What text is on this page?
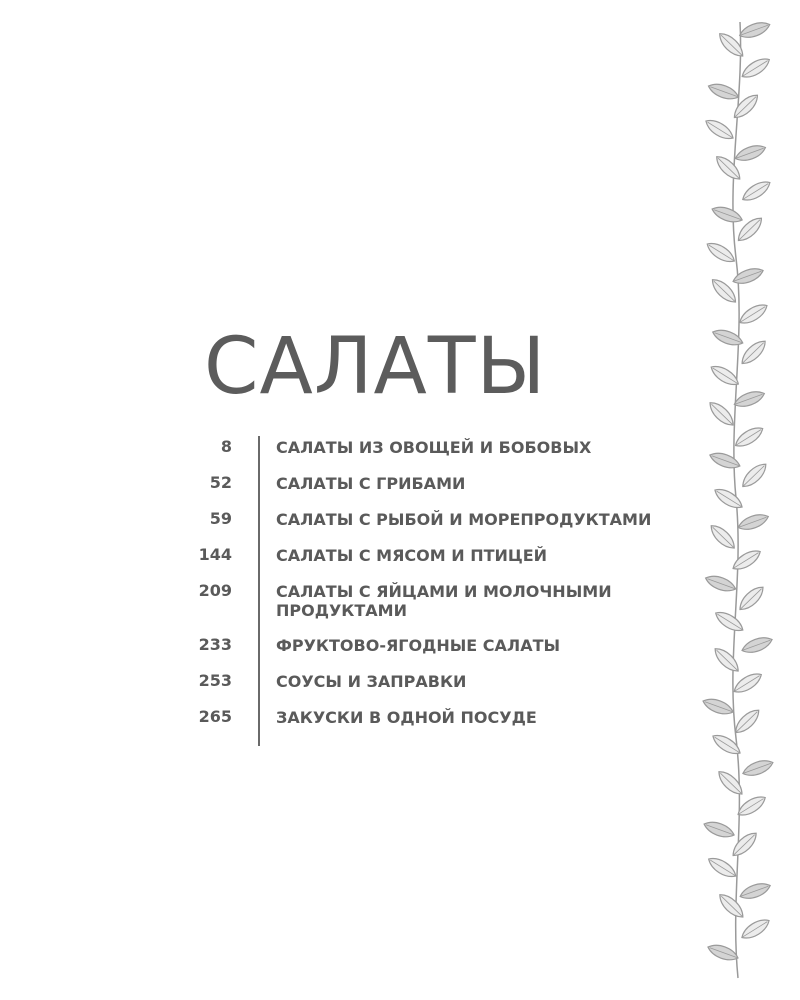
САЛАТЫ
8	САЛАТЫ ИЗ ОВОЩЕЙ И БОБОВЫХ
52	САЛАТЫ С ГРИБАМИ
59	САЛАТЫ С РЫБОЙ И МОРЕПРОДУКТАМИ
144	САЛАТЫ С МЯСОМ И ПТИЦЕЙ
209	САЛАТЫ С ЯЙЦАМИ И МОЛОЧНЫМИ
ПРОДУКТАМИ
233	ФРУКТОВО-ЯГОДНЫЕ САЛАТЫ
253	СОУСЫ И ЗАПРАВКИ
265	ЗАКУСКИ В ОДНОЙ ПОСУДЕ
